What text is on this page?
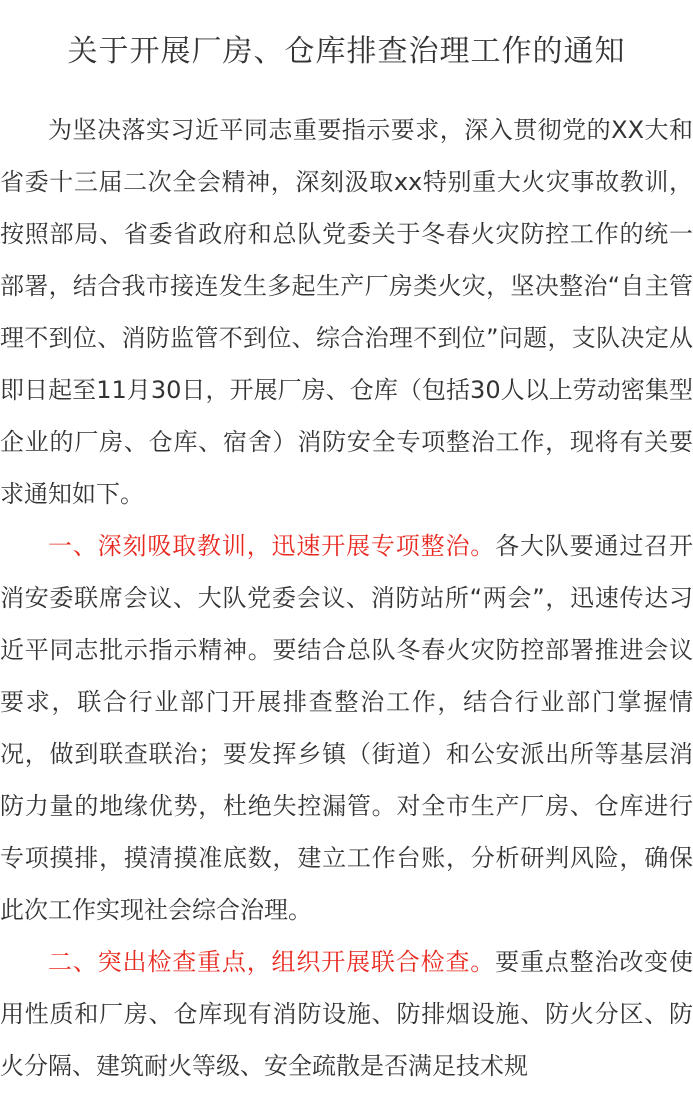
关于开展厂房、仓库排查治理工作的通知

为坚决落实习近平同志重要指示要求，深入贯彻党的XX大和省委十三届二次全会精神，深刻汲取xx特别重大火灾事故教训，按照部局、省委省政府和总队党委关于冬春火灾防控工作的统一部署，结合我市接连发生多起生产厂房类火灾，坚决整治“自主管理不到位、消防监管不到位、综合治理不到位”问题，支队决定从即日起至11月30日，开展厂房、仓库（包括30人以上劳动密集型企业的厂房、仓库、宿舍）消防安全专项整治工作，现将有关要求通知如下。

一、深刻吸取教训，迅速开展专项整治。各大队要通过召开消安委联席会议、大队党委会议、消防站所“两会”，迅速传达习近平同志批示指示精神。要结合总队冬春火灾防控部署推进会议要求，联合行业部门开展排查整治工作，结合行业部门掌握情况，做到联查联治；要发挥乡镇（街道）和公安派出所等基层消防力量的地缘优势，杜绝失控漏管。对全市生产厂房、仓库进行专项摸排，摸清摸准底数，建立工作台账，分析研判风险，确保此次工作实现社会综合治理。

二、突出检查重点，组织开展联合检查。要重点整治改变使用性质和厂房、仓库现有消防设施、防排烟设施、防火分区、防火分隔、建筑耐火等级、安全疏散是否满足技术规
